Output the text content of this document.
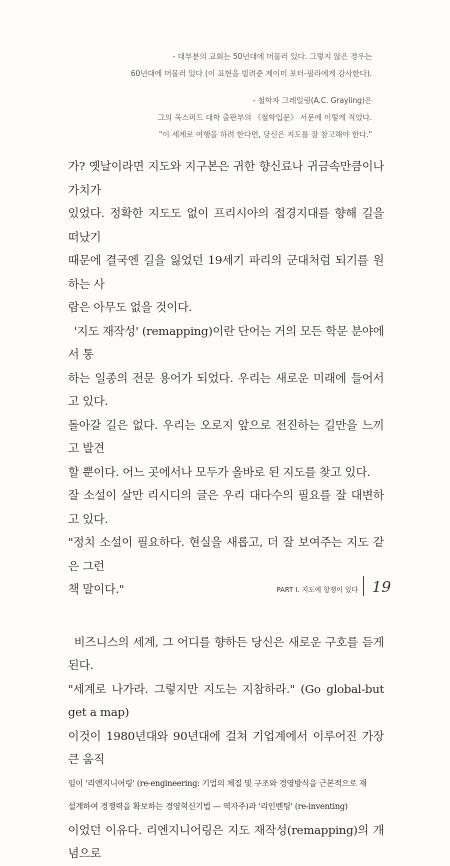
- 대부분의 교회는 50년대에 머물러 있다. 그렇지 않은 경우는

60년대에 머물러 있다 (이 표현을 빌려준 제이미 포터-필라에게 감사한다).

- 철학자 그레일링(A.C. Grayling)은

그의 옥스퍼드 대학 출판부의 《철학입문》 서문에 이렇게 적었다.

"이 세계로 여행을 하려 한다면, 당신은 지도를 잘 참고해야 한다."

가? 옛날이라면 지도와 지구본은 귀한 향신료나 귀금속만큼이나 가치가

있었다. 정확한 지도도 없이 프리시아의 접경지대를 향해 길을 떠났기

때문에 결국엔 길을 잃었던 19세기 파리의 군대처럼 되기를 원하는 사

람은 아무도 없을 것이다.

'지도 재작성' (remapping)이란 단어는 거의 모든 학문 분야에서 통

하는 일종의 전문 용어가 되었다. 우리는 새로운 미래에 들어서고 있다.

돌아갈 길은 없다. 우리는 오로지 앞으로 전진하는 길만을 느끼고 발견

할 뿐이다. 어느 곳에서나 모두가 올바로 된 지도를 찾고 있다.

잘 소설이 살만 리시디의 글은 우리 대다수의 필요를 잘 대변하고 있다.

"정치 소설이 필요하다. 현실을 새롭고, 더 잘 보여주는 지도 같은 그런

책 말이다."

비즈니스의 세계, 그 어디를 향하든 당신은 새로운 구호를 듣게 된다.

"세계로 나가라. 그렇지만 지도는 지참하라." (Go global-but get a map)

이것이 1980년대와 90년대에 걸쳐 기업계에서 이루어진 가장 큰 움직

임이 '리엔지니어링' (re-engineering: 기업의 체질 및 구조와 경영방식을 근본적으로 재

설계하여 경쟁력을 확보하는 경영혁신기법 — 역자주)과 '리인벤팅' (re-inventing)

이었던 이유다. 리엔지니어링은 지도 재작성(remapping)의 개념으로

PART I. 지도에 항쟁이 있다 19
